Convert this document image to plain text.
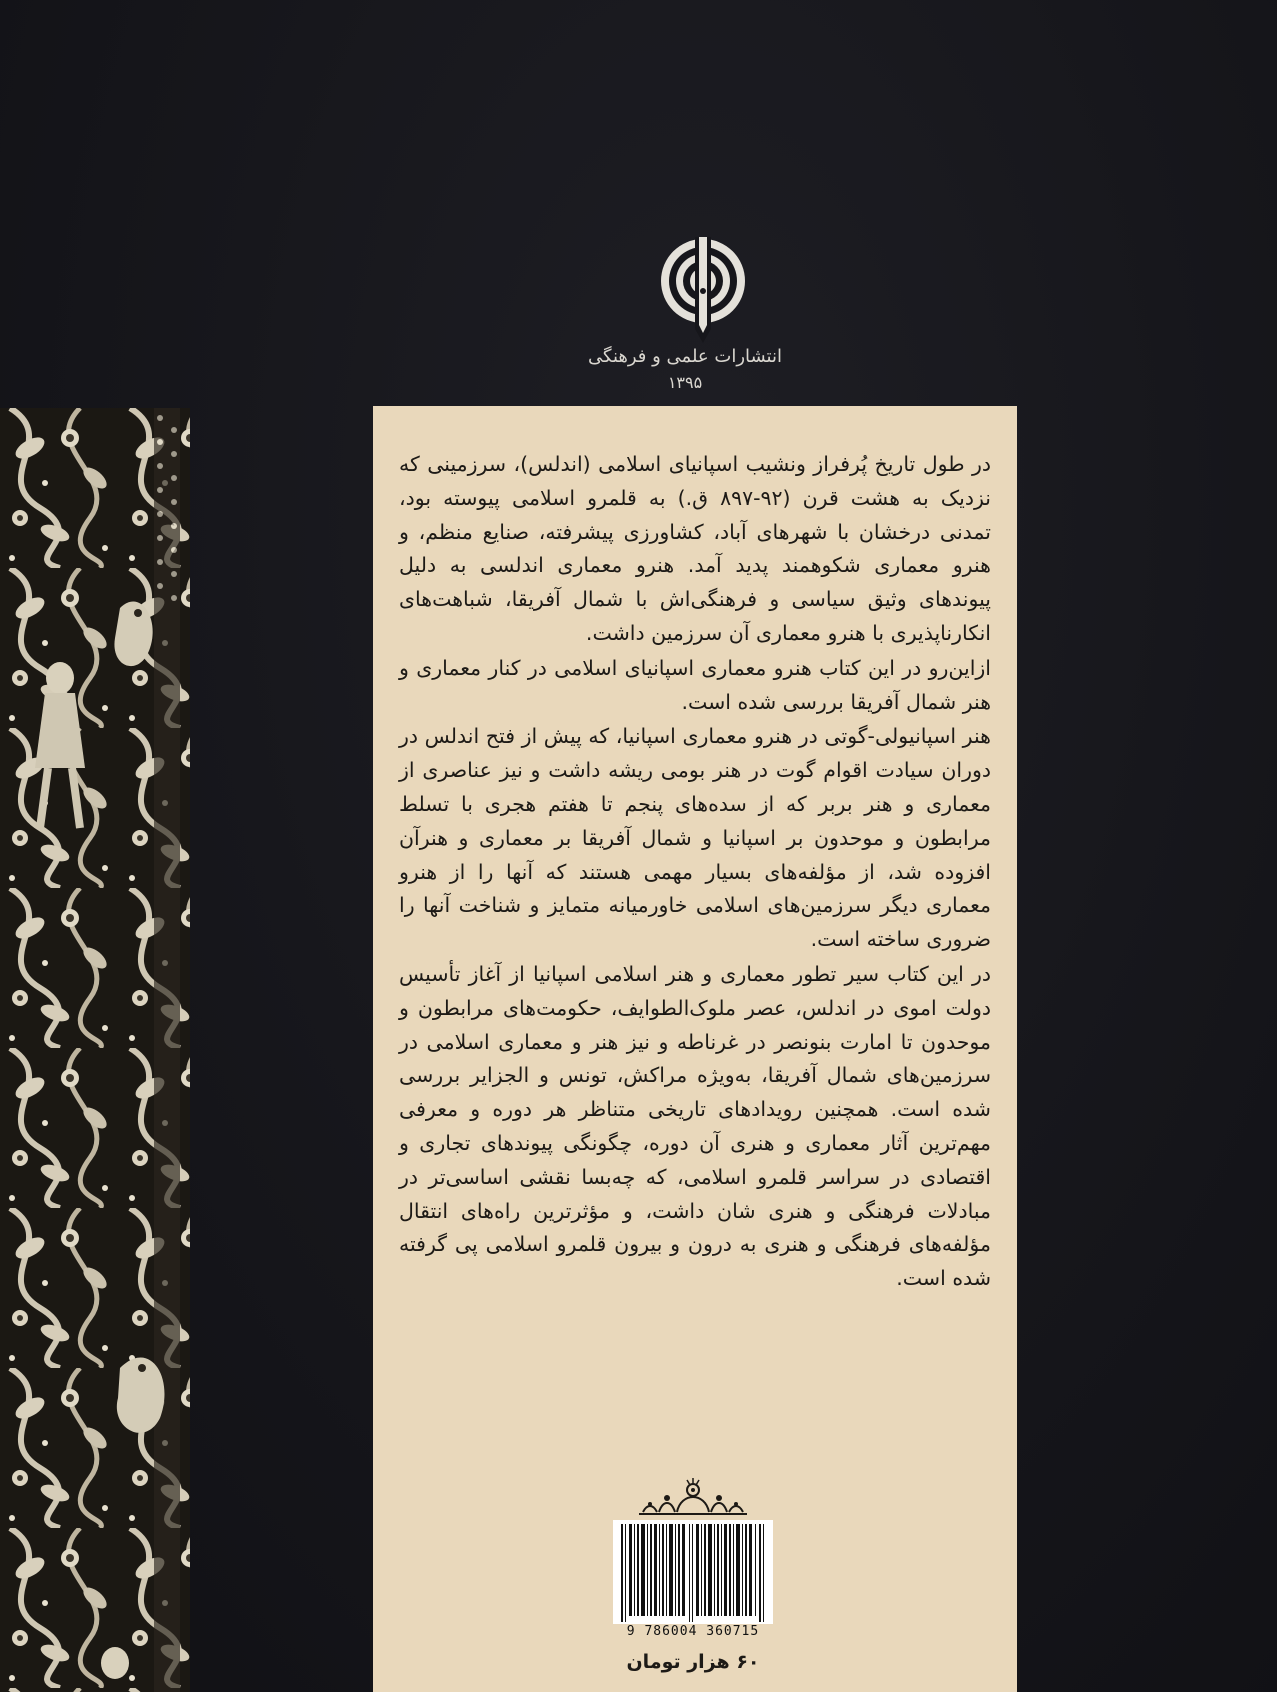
انتشارات علمی و فرهنگی
۱۳۹۵

در طول تاریخ پُرفراز ونشیب اسپانیای اسلامی (اندلس)، سرزمینی که نزدیک به هشت قرن (۹۲-۸۹۷ ق.) به قلمرو اسلامی پیوسته بود، تمدنی درخشان با شهرهای آباد، کشاورزی پیشرفته، صنایع منظم، و هنرو معماری شکوهمند پدید آمد. هنرو معماری اندلسی به دلیل پیوندهای وثیق سیاسی و فرهنگی‌اش با شمال آفریقا، شباهت‌های انکارناپذیری با هنرو معماری آن سرزمین داشت.

ازاین‌رو در این کتاب هنرو معماری اسپانیای اسلامی در کنار معماری و هنر شمال آفریقا بررسی شده است.

هنر اسپانیولی-گوتی در هنرو معماری اسپانیا، که پیش از فتح اندلس در دوران سیادت اقوام گوت در هنر بومی ریشه داشت و نیز عناصری از معماری و هنر بربر که از سده‌های پنجم تا هفتم هجری با تسلط مرابطون و موحدون بر اسپانیا و شمال آفریقا بر معماری و هنرآن افزوده شد، از مؤلفه‌های بسیار مهمی هستند که آنها را از هنرو معماری دیگر سرزمین‌های اسلامی خاورمیانه متمایز و شناخت آنها را ضروری ساخته است.

در این کتاب سیر تطور معماری و هنر اسلامی اسپانیا از آغاز تأسیس دولت اموی در اندلس، عصر ملوک‌الطوایف، حکومت‌های مرابطون و موحدون تا امارت بنونصر در غرناطه و نیز هنر و معماری اسلامی در سرزمین‌های شمال آفریقا، به‌ویژه مراکش، تونس و الجزایر بررسی شده است. همچنین رویدادهای تاریخی متناظر هر دوره و معرفی مهم‌ترین آثار معماری و هنری آن دوره، چگونگی پیوندهای تجاری و اقتصادی در سراسر قلمرو اسلامی، که چه‌بسا نقشی اساسی‌تر در مبادلات فرهنگی و هنری شان داشت، و مؤثرترین راه‌های انتقال مؤلفه‌های فرهنگی و هنری به درون و بیرون قلمرو اسلامی پی گرفته شده است.

9 786004 360715
۶۰ هزار تومان
